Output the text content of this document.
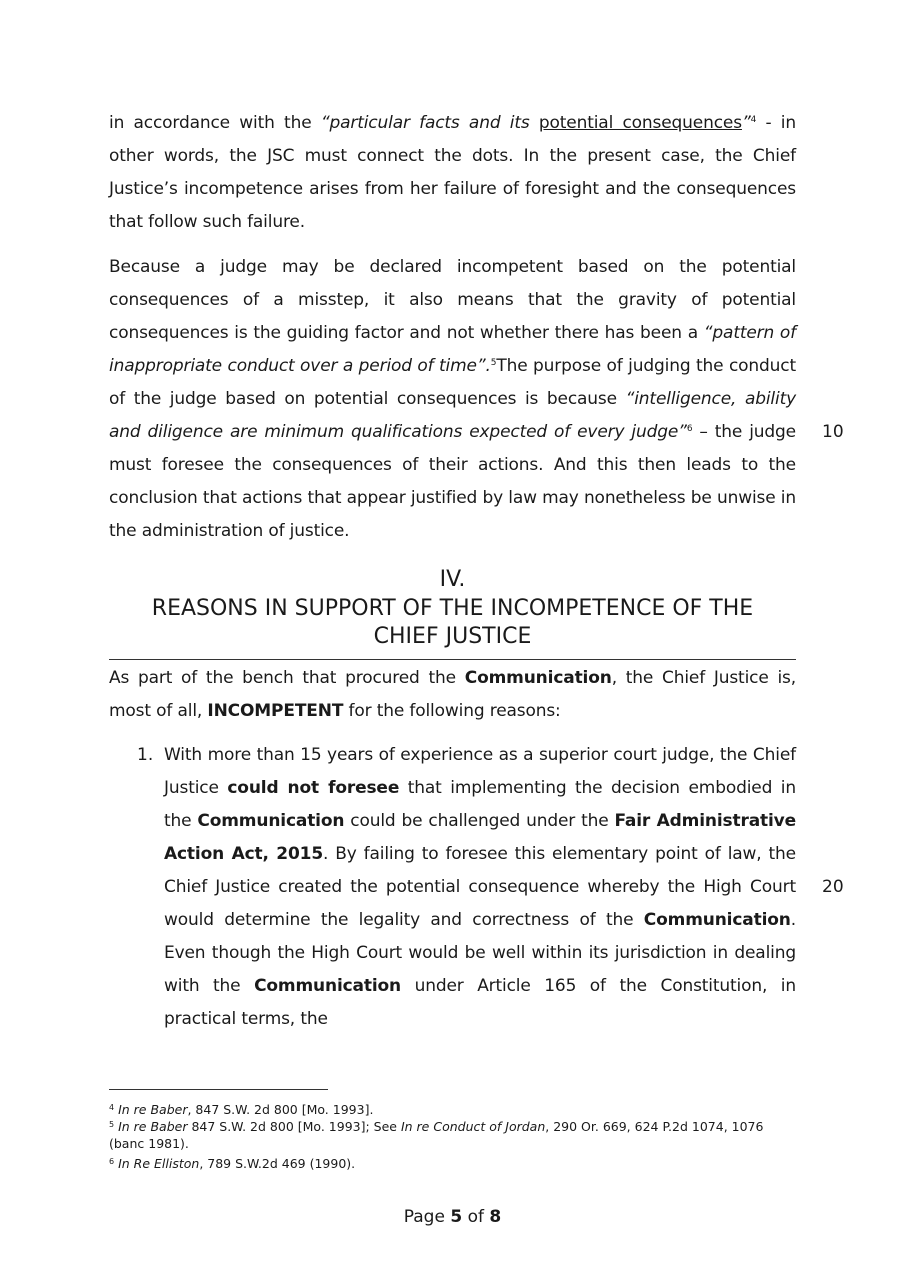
in accordance with the “particular facts and its potential consequences”$^4$ - in other words, the JSC must connect the dots. In the present case, the Chief Justice’s incompetence arises from her failure of foresight and the consequences that follow such failure.

Because a judge may be declared incompetent based on the potential consequences of a misstep, it also means that the gravity of potential consequences is the guiding factor and not whether there has been a “pattern of inappropriate conduct over a period of time”.$^5$The purpose of judging the conduct of the judge based on potential consequences is because “intelligence, ability and diligence are minimum qualifications expected of every judge”$^6$ – the judge must foresee the consequences of their actions. And this then leads to the conclusion that actions that appear justified by law may nonetheless be unwise in the administration of justice.

10
IV.
REASONS IN SUPPORT OF THE INCOMPETENCE OF THE
CHIEF JUSTICE

As part of the bench that procured the Communication, the Chief Justice is, most of all, INCOMPETENT for the following reasons:

1. With more than 15 years of experience as a superior court judge, the Chief Justice could not foresee that implementing the decision embodied in the Communication could be challenged under the Fair Administrative Action Act, 2015. By failing to foresee this elementary point of law, the Chief Justice created the potential consequence whereby the High Court would determine the legality and correctness of the Communication. Even though the High Court would be well within its jurisdiction in dealing with the Communication under Article 165 of the Constitution, in practical terms, the

20

$^4$ In re Baber, 847 S.W. 2d 800 [Mo. 1993].

$^5$ In re Baber 847 S.W. 2d 800 [Mo. 1993]; See In re Conduct of Jordan, 290 Or. 669, 624 P.2d 1074, 1076 (banc 1981).

$^6$ In Re Elliston, 789 S.W.2d 469 (1990).

Page 5 of 8
